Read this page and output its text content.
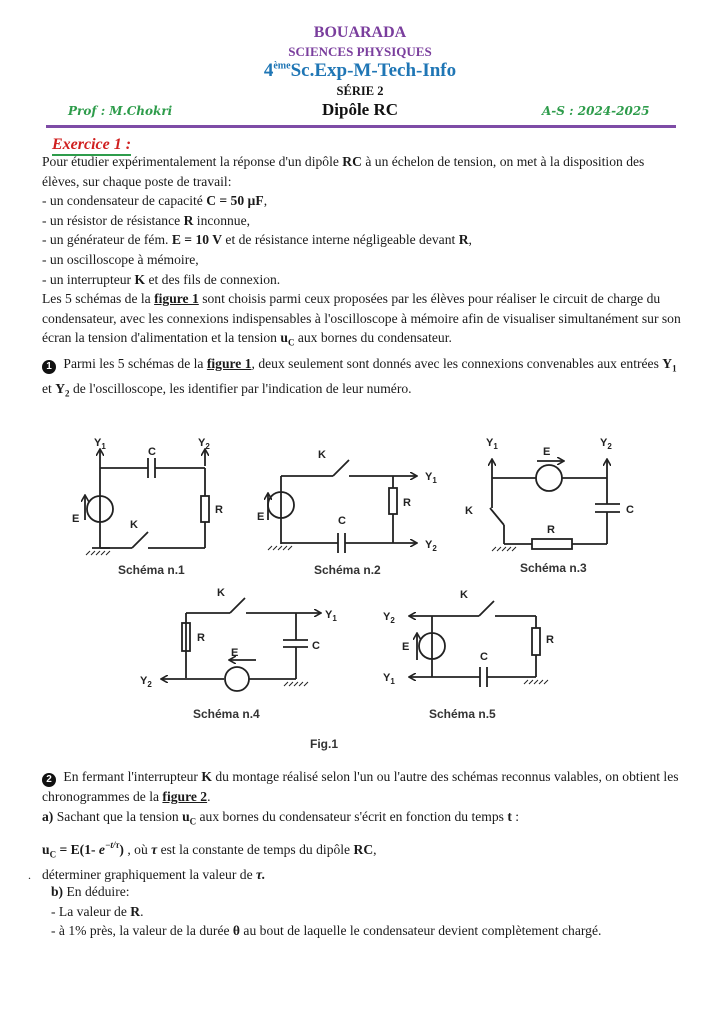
BOUARADA
SCIENCES PHYSIQUES
4èmeSc.Exp-M-Tech-Info
SÉRIE 2
Dipôle RC
Prof : M.Chokri	A-S : 2024-2025
Exercice 1 :

Pour étudier expérimentalement la réponse d'un dipôle RC à un échelon de tension, on met à la disposition des élèves, sur chaque poste de travail:

- un condensateur de capacité C = 50 µF,

- un résistor de résistance R inconnue,

- un générateur de fém. E = 10 V et de résistance interne négligeable devant R,

- un oscilloscope à mémoire,

- un interrupteur K et des fils de connexion.

Les 5 schémas de la figure 1 sont choisis parmi ceux proposées par les élèves pour réaliser le circuit de charge du condensateur, avec les connexions indispensables à l'oscilloscope à mémoire afin de visualiser simultanément sur son écran la tension d'alimentation et la tension $u_C$ aux bornes du condensateur.

1 Parmi les 5 schémas de la figure 1, deux seulement sont donnés avec les connexions convenables aux entrées $Y_1$ et $Y_2$ de l'oscilloscope, les identifier par l'indication de leur numéro.

$Y_1$	$Y_2$
C
R
E	K
Schéma n.1
K
$Y_1$
$Y_2$
R
C
E
Schéma n.2
$Y_1$	$Y_2$
E
K	C
R
Schéma n.3
K
$Y_1$
R
C
E
$Y_2$
Schéma n.4
K
$Y_2$
E
C
R
$Y_1$
Schéma n.5
Fig.1

2 En fermant l'interrupteur K du montage réalisé selon l'un ou l'autre des schémas reconnus valables, on obtient les chronogrammes de la figure 2.

a) Sachant que la tension $u_C$ aux bornes du condensateur s'écrit en fonction du temps t :

$u_C = E(1-$ $e^{-t/\tau}$) , où τ est la constante de temps du dipôle RC,

déterminer graphiquement la valeur de τ.

.

b) En déduire:

- La valeur de R.

- à 1% près, la valeur de la durée θ au bout de laquelle le condensateur devient complètement chargé.
